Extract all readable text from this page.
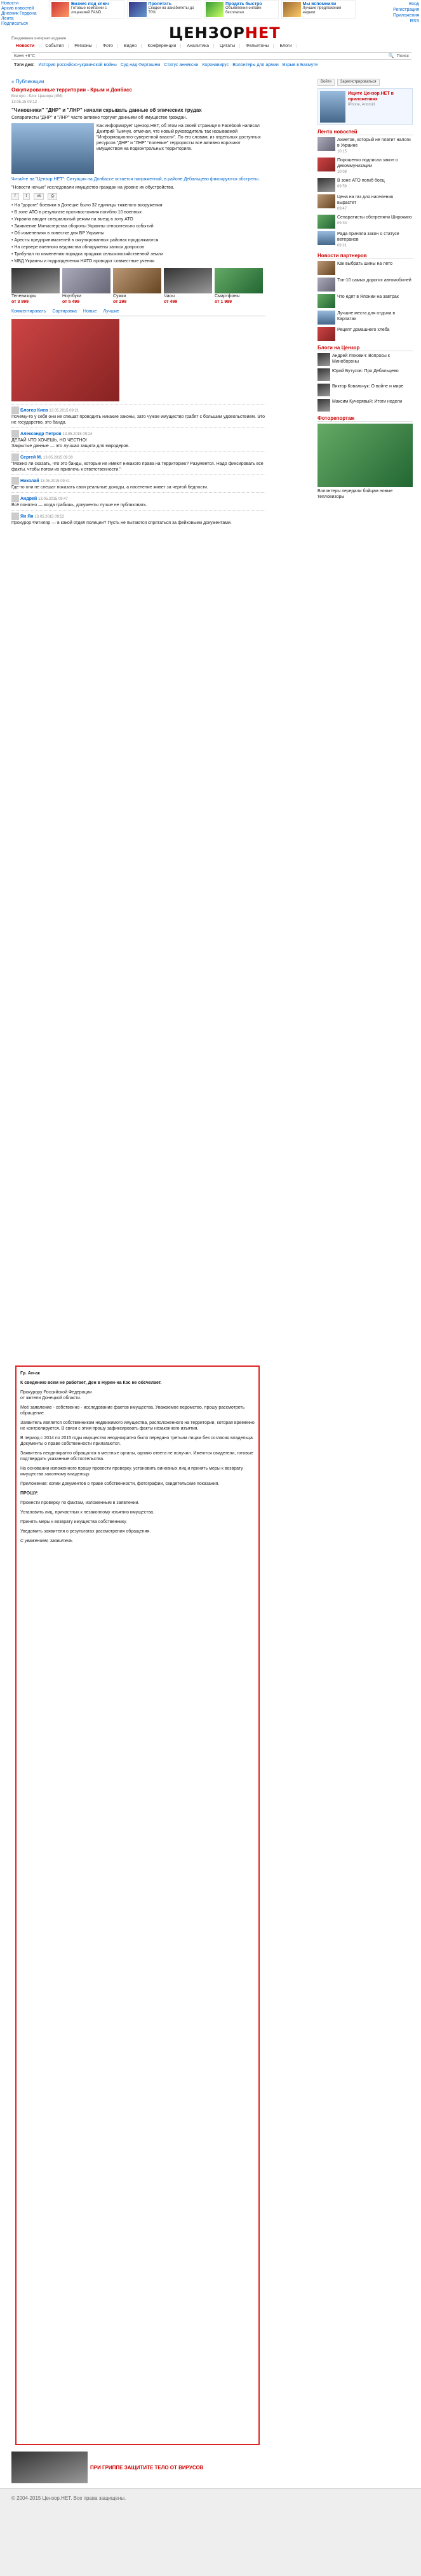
Новости
Архив новостей
Дневник Гордона
Лента
Подписаться
Бизнес под ключ
Готовые компании с лицензией FAND
Пролетать
Скидки на авиабилеты до 70%
Продать быстро
Объявления онлайн бесплатно
Мы вспомнили
Лучшие предложения недели
Вход
Регистрация
Приложения
RSS
ЦЕНЗОРНЕТ
Ежедневное интернет-издание
Новости	События	Регионы	Фото	Видео	Конференции	Аналитика	Цитаты	Фельетоны	Блоги
Киев +6°С	🔍 Поиск
Тэги дня: История российско-украинской войны Суд над Фирташем Статус аннексии Коронавирус Волонтеры для армии Взрыв в Бахмуте
« Публикации
Оккупированные территории - Крым и Донбасс
Все про - Блог Цензора (ИМ)
13.05.15 09:12
"Чиновники" "ДНР" и "ЛНР" начали скрывать данные об эпических трудах

Сепаратисты "ДНР" и "ЛНР" часто активно торгуют данными об имуществе граждан.

Как информирует Цензор.НЕТ, об этом на своей странице в Facebook написал Дмитрий Тымчук, отмечая, что новый руководитель так называемой "Информационно-суверенной власти". По его словам, из отдельных доступных ресурсов "ДНР" и "ЛНР" "полевые" террористы все активно ворочают имуществом на подконтрольных территориях.

Читайте на "Цензор.НЕТ": Ситуация на Донбассе остается напряженной, в районе Дебальцево фиксируются обстрелы.

"Новости ночью" исследовали имущество граждан на уровне их обустройства.

f	t	vk	⎙
• На "дороге" боевики в Донецке было 32 единицы тяжелого вооружения
• В зоне АТО в результате противостояния погибло 10 военных
• Украина вводит специальный режим на въезд в зону АТО
• Заявление Министерства обороны Украины относительно событий
• Об изменениях в повестке дня ВР Украины
• Аресты предпринимателей в оккупированных районах продолжаются
• На сервере военного ведомства обнаружены записи допросов
• Трибунал по изменению порядка продажи сельскохозяйственной земли
• МВД Украины и подразделения НАТО проводят совместные учения
Телевизоры
от 3 999
Ноутбуки
от 5 499
Сумки
от 299
Часы
от 499
Смартфоны
от 1 999
Комментировать Сортировка Новые Лучшие
Блогер Киев 13.05.2015 09:21
Почему-то у себя они не спешат проводить никакие законы, зато чужое имущество грабят с большим удовольствием. Это не государство, это банда.
Александр Петров 13.05.2015 09:24
ДЕЛАЙ ЧТО ХОЧЕШЬ, НО ЧЕСТНО!
Закрытые данные — это лучшая защита для мародеров.
Сергей М. 13.05.2015 09:30
"Можно ли сказать, что это банды, которые не имеют никакого права на территорию? Разумеется. Надо фиксировать все факты, чтобы потом их привлечь к ответственности."
Николай 13.05.2015 09:41
Где-то они не спешат показать свои реальные доходы, а население живет за чертой бедности.
Андрей 13.05.2015 09:47
Всё понятно — когда грабишь, документы лучше не публиковать.
Ян Ян 13.05.2015 09:52
Прокурор Фитиляр — в какой отдел полиции? Пусть не пытаются спрятаться за фейковыми документами.

Гр. Ан-ак

К сведению всем не работает, Ден в Нурен-на Кэс не обсчелает.

Прокурору Российской Федерации
от жители Донецкой области.

Моё заявление - собственно - исследование фактов имущества. Уважаемое ведомство, прошу рассмотреть обращение.

Заявитель является собственником недвижимого имущества, расположенного на территории, которая временно не контролируется. В связи с этим прошу зафиксировать факты незаконного изъятия.

В период с 2014 по 2015 годы имущество неоднократно было передано третьим лицам без согласия владельца. Документы о праве собственности прилагаются.

Заявитель неоднократно обращался в местные органы, однако ответа не получил. Имеются свидетели, готовые подтвердить указанные обстоятельства.

На основании изложенного прошу провести проверку, установить виновных лиц и принять меры к возврату имущества законному владельцу.

Приложение: копии документов о праве собственности, фотографии, свидетельские показания.

ПРОШУ:

Провести проверку по фактам, изложенным в заявлении.

Установить лиц, причастных к незаконному изъятию имущества.

Принять меры к возврату имущества собственнику.

Уведомить заявителя о результатах рассмотрения обращения.

С уважением, заявитель

Войти	Зарегистрироваться
Ищите Цензор.НЕТ в приложениях
iPhone, Android
Лента новостей
Ахметов, который не платит налоги в Украине
10:15
Порошенко подписал закон о декоммунизации
10:08
В зоне АТО погиб боец
09:59
Цена на газ для населения вырастет
09:47
Сепаратисты обстреляли Широкино
09:33
Рада приняла закон о статусе ветеранов
09:21
Новости партнеров
Как выбрать шины на лето
Топ-10 самых дорогих автомобилей
Что едят в Японии на завтрак
Лучшие места для отдыха в Карпатах
Рецепт домашнего хлеба
Блоги на Цензор
Андрей Ляхович: Вопросы к Минобороны
Юрий Бутусов: Про Дебальцево
Виктор Ковальчук: О войне и мире
Максим Кучерявый: Итоги недели
Фоторепортаж
Волонтеры передали бойцам новые тепловизоры
ПРИ ГРИППЕ ЗАЩИТИТЕ ТЕЛО ОТ ВИРУСОВ
© 2004-2015 Цензор.НЕТ. Все права защищены.
